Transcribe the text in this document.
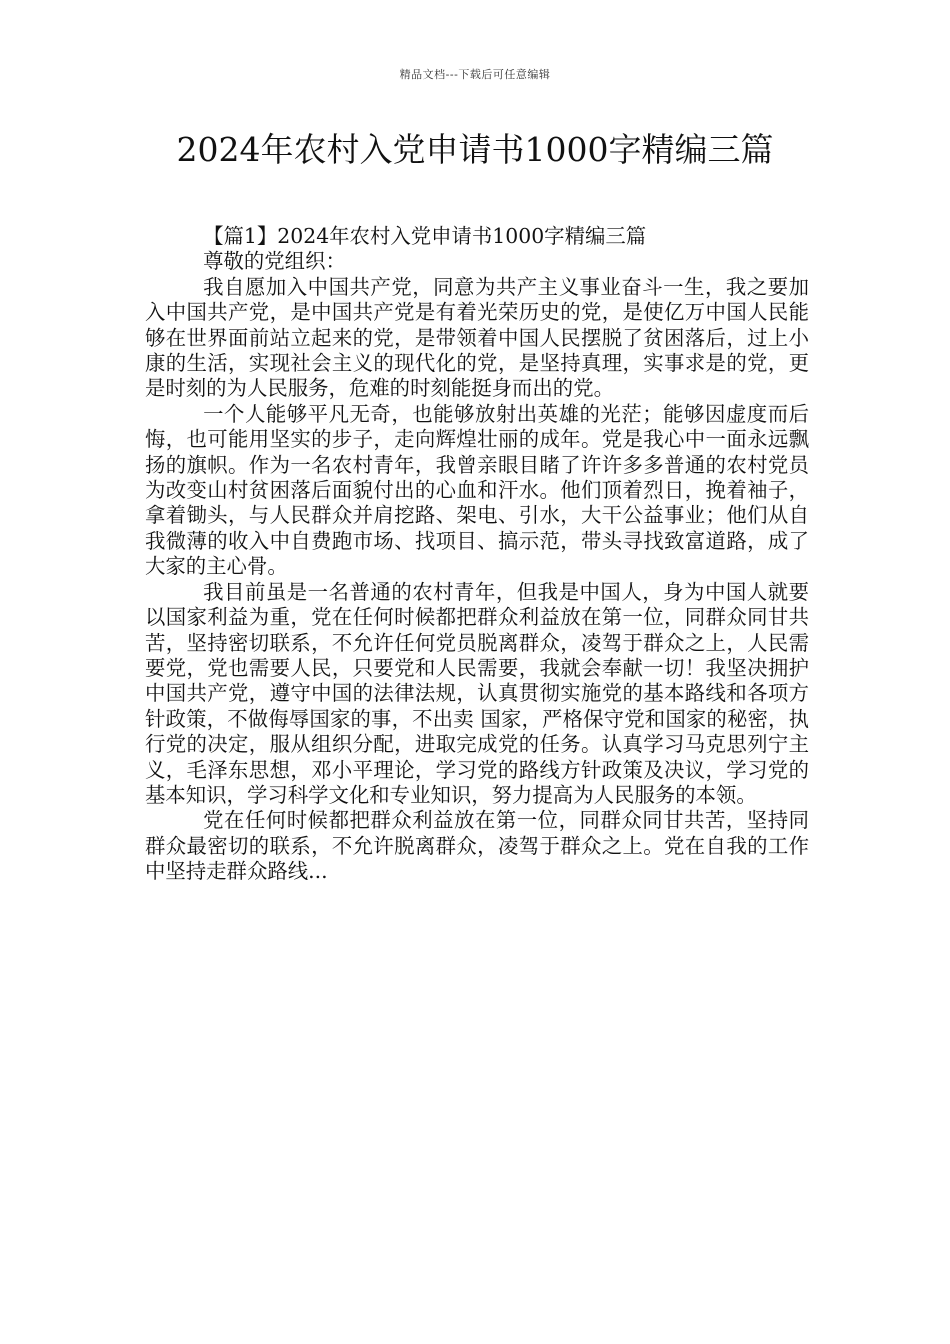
精品文档---下载后可任意编辑
2024年农村入党申请书1000字精编三篇

【篇1】2024年农村入党申请书1000字精编三篇

尊敬的党组织：

我自愿加入中国共产党，同意为共产主义事业奋斗一生，我之要加入中国共产党，是中国共产党是有着光荣历史的党，是使亿万中国人民能够在世界面前站立起来的党，是带领着中国人民摆脱了贫困落后，过上小康的生活，实现社会主义的现代化的党，是坚持真理，实事求是的党，更是时刻的为人民服务，危难的时刻能挺身而出的党。

一个人能够平凡无奇，也能够放射出英雄的光茫；能够因虚度而后悔，也可能用坚实的步子，走向辉煌壮丽的成年。党是我心中一面永远飘扬的旗帜。作为一名农村青年，我曾亲眼目睹了许许多多普通的农村党员为改变山村贫困落后面貌付出的心血和汗水。他们顶着烈日，挽着袖子，拿着锄头，与人民群众并肩挖路、架电、引水，大干公益事业；他们从自我微薄的收入中自费跑市场、找项目、搞示范，带头寻找致富道路，成了大家的主心骨。

我目前虽是一名普通的农村青年，但我是中国人，身为中国人就要以国家利益为重，党在任何时候都把群众利益放在第一位，同群众同甘共苦，坚持密切联系，不允许任何党员脱离群众，凌驾于群众之上，人民需要党，党也需要人民，只要党和人民需要，我就会奉献一切！我坚决拥护中国共产党，遵守中国的法律法规，认真贯彻实施党的基本路线和各项方针政策，不做侮辱国家的事，不出卖 国家，严格保守党和国家的秘密，执行党的决定，服从组织分配，进取完成党的任务。认真学习马克思列宁主义，毛泽东思想，邓小平理论，学习党的路线方针政策及决议，学习党的基本知识，学习科学文化和专业知识，努力提高为人民服务的本领。

党在任何时候都把群众利益放在第一位，同群众同甘共苦，坚持同群众最密切的联系，不允许脱离群众，凌驾于群众之上。党在自我的工作中坚持走群众路线...
